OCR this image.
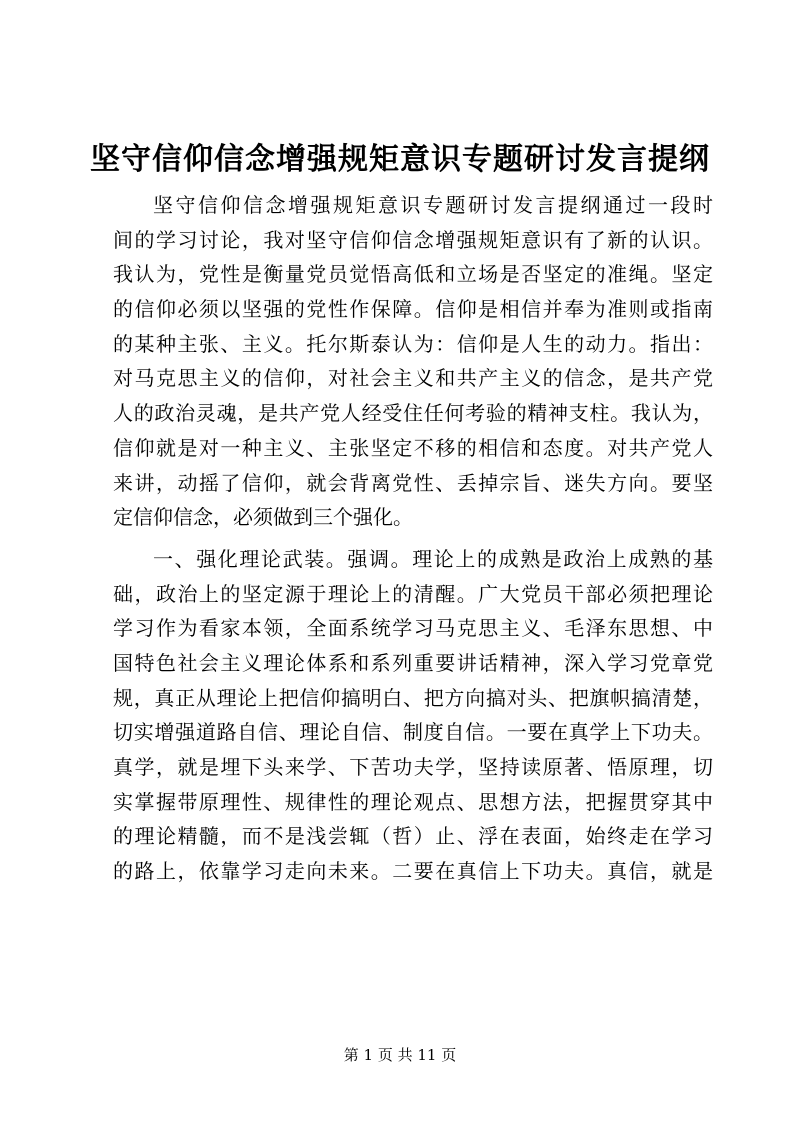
坚守信仰信念增强规矩意识专题研讨发言提纲
坚守信仰信念增强规矩意识专题研讨发言提纲通过一段时
间的学习讨论，我对坚守信仰信念增强规矩意识有了新的认识。
我认为，党性是衡量党员觉悟高低和立场是否坚定的准绳。坚定
的信仰必须以坚强的党性作保障。信仰是相信并奉为准则或指南
的某种主张、主义。托尔斯泰认为：信仰是人生的动力。指出：
对马克思主义的信仰，对社会主义和共产主义的信念，是共产党
人的政治灵魂，是共产党人经受住任何考验的精神支柱。我认为，
信仰就是对一种主义、主张坚定不移的相信和态度。对共产党人
来讲，动摇了信仰，就会背离党性、丢掉宗旨、迷失方向。要坚
定信仰信念，必须做到三个强化。
一、强化理论武装。强调。理论上的成熟是政治上成熟的基
础，政治上的坚定源于理论上的清醒。广大党员干部必须把理论
学习作为看家本领，全面系统学习马克思主义、毛泽东思想、中
国特色社会主义理论体系和系列重要讲话精神，深入学习党章党
规，真正从理论上把信仰搞明白、把方向搞对头、把旗帜搞清楚，
切实增强道路自信、理论自信、制度自信。一要在真学上下功夫。
真学，就是埋下头来学、下苦功夫学，坚持读原著、悟原理，切
实掌握带原理性、规律性的理论观点、思想方法，把握贯穿其中
的理论精髓，而不是浅尝辄（哲）止、浮在表面，始终走在学习
的路上，依靠学习走向未来。二要在真信上下功夫。真信，就是
第 1 页 共 11 页
